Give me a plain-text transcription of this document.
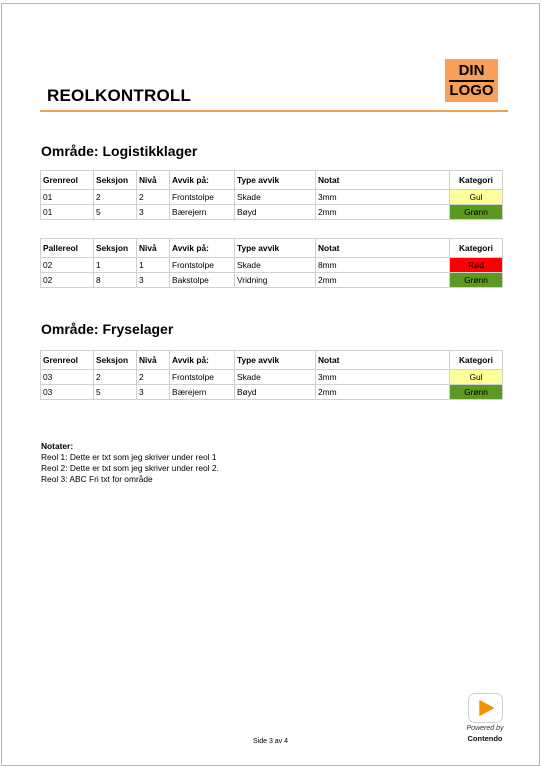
DIN
LOGO
REOLKONTROLL
Område: Logistikklager
Grenreol	Seksjon	Nivå	Avvik på:	Type avvik	Notat	Kategori
01	2	2	Frontstolpe	Skade	3mm	Gul
01	5	3	Bærejern	Bøyd	2mm	Grønn
Pallereol	Seksjon	Nivå	Avvik på:	Type avvik	Notat	Kategori
02	1	1	Frontstolpe	Skade	8mm	Rød
02	8	3	Bakstolpe	Vridning	2mm	Grønn
Område: Fryselager
Grenreol	Seksjon	Nivå	Avvik på:	Type avvik	Notat	Kategori
03	2	2	Frontstolpe	Skade	3mm	Gul
03	5	3	Bærejern	Bøyd	2mm	Grønn
Notater:
Reol 1: Dette er txt som jeg skriver under reol 1
Reol 2: Dette er txt som jeg skriver under reol 2.
Reol 3: ABC Fri txt for område
Side 3 av 4
Powered by
Contendo
